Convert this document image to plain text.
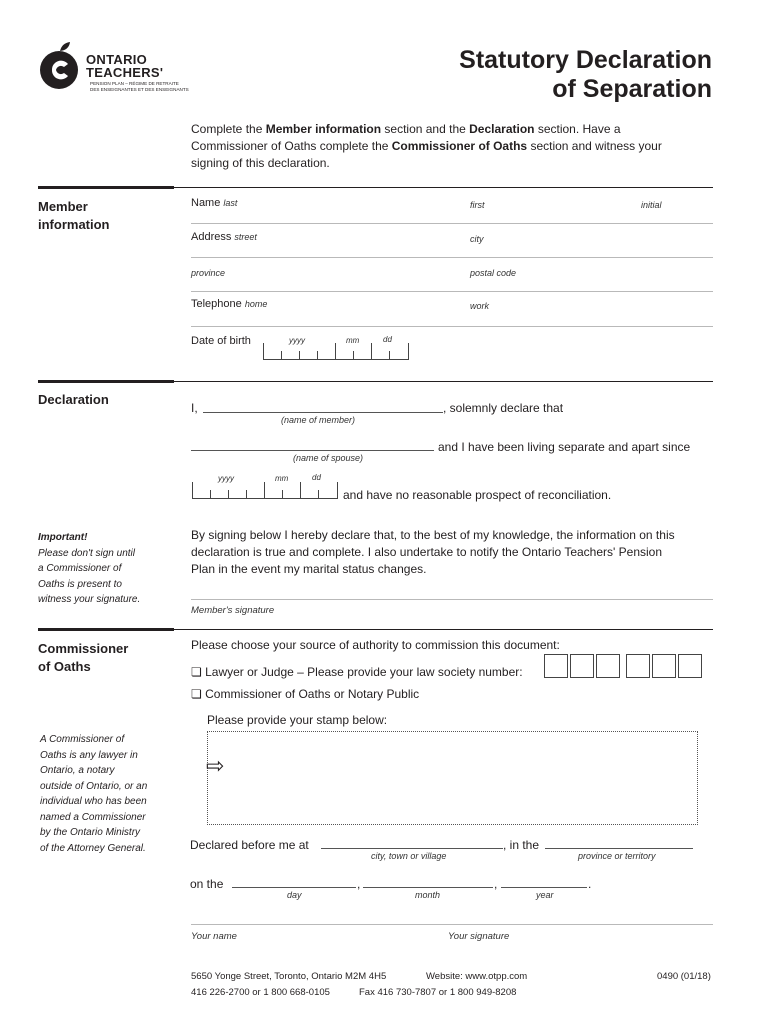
ONTARIO
TEACHERS'
PENSION PLAN – RÉGIME DE RETRAITE
DES ENSEIGNANTES ET DES ENSEIGNANTS
Statutory Declaration
of Separation
Complete the Member information section and the Declaration section. Have a
Commissioner of Oaths complete the Commissioner of Oaths section and witness your
signing of this declaration.
Member
information
Name last	first	initial
Address street	city
province	postal code
Telephone home	work
Date of birth	yyyy	mm	dd
Declaration
I,	, solemnly declare that
(name of member)
and I have been living separate and apart since
(name of spouse)
yyyy	mm	dd
and have no reasonable prospect of reconciliation.
Important!
Please don't sign until
a Commissioner of
Oaths is present to
witness your signature.
By signing below I hereby declare that, to the best of my knowledge, the information on this
declaration is true and complete. I also undertake to notify the Ontario Teachers' Pension
Plan in the event my marital status changes.
Member's signature
Commissioner
of Oaths
Please choose your source of authority to commission this document:
❏ Lawyer or Judge – Please provide your law society number:
❏ Commissioner of Oaths or Notary Public
Please provide your stamp below:
⇨
A Commissioner of
Oaths is any lawyer in
Ontario, a notary
outside of Ontario, or an
individual who has been
named a Commissioner
by the Ontario Ministry
of the Attorney General.	Declared before me at	, in the
city, town or village	province or territory
on the	,	,	.
day	month	year
Your name	Your signature
5650 Yonge Street, Toronto, Ontario M2M 4H5	Website: www.otpp.com	0490 (01/18)
416 226-2700 or 1 800 668-0105	Fax 416 730-7807 or 1 800 949-8208
